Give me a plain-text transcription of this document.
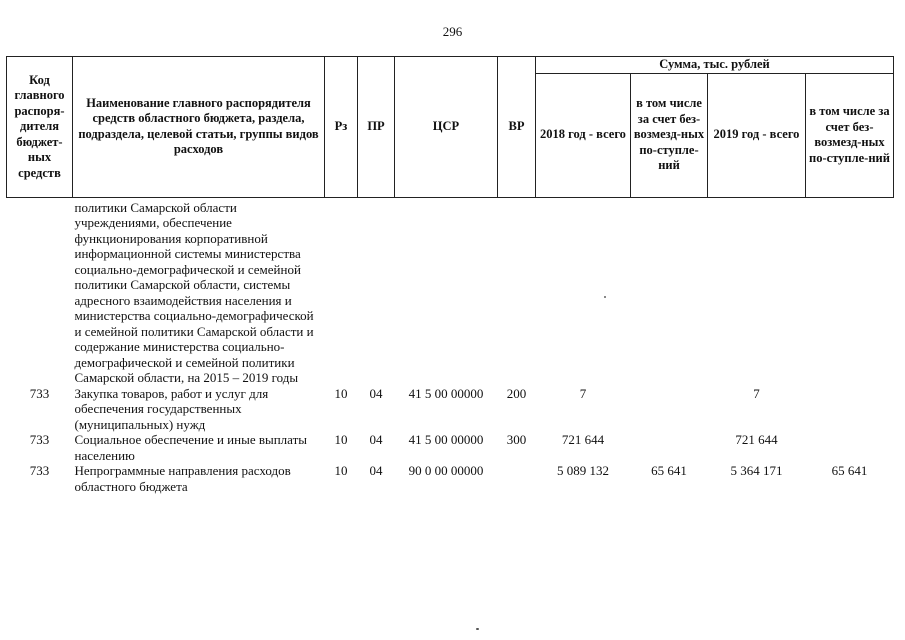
296
Код главного распоря-дителя бюджет-ных средств	Наименование главного распорядителя средств областного бюджета, раздела, подраздела, целевой статьи, группы видов расходов	Рз	ПР	ЦСР	ВР	Сумма, тыс. рублей			
						2018 год - всего	в том числе за счет без-возмезд-ных по-ступле-ний	2019 год - всего	в том числе за счет без-возмезд-ных по-ступле-ний
	политики Самарской области учреждениями, обеспечение функционирования корпоративной информационной системы министерства социально-демографической и семейной политики Самарской области, системы адресного взаимодействия населения и министерства социально-демографической и семейной политики Самарской области и содержание министерства социально-демографической и семейной политики Самарской области, на 2015 – 2019 годы								
733	Закупка товаров, работ и услуг для обеспечения государственных (муниципальных) нужд	10	04	41 5 00 00000	200	7		7	
733	Социальное обеспечение и иные выплаты населению	10	04	41 5 00 00000	300	721 644		721 644	
733	Непрограммные направления расходов областного бюджета	10	04	90 0 00 00000		5 089 132	65 641	5 364 171	65 641
